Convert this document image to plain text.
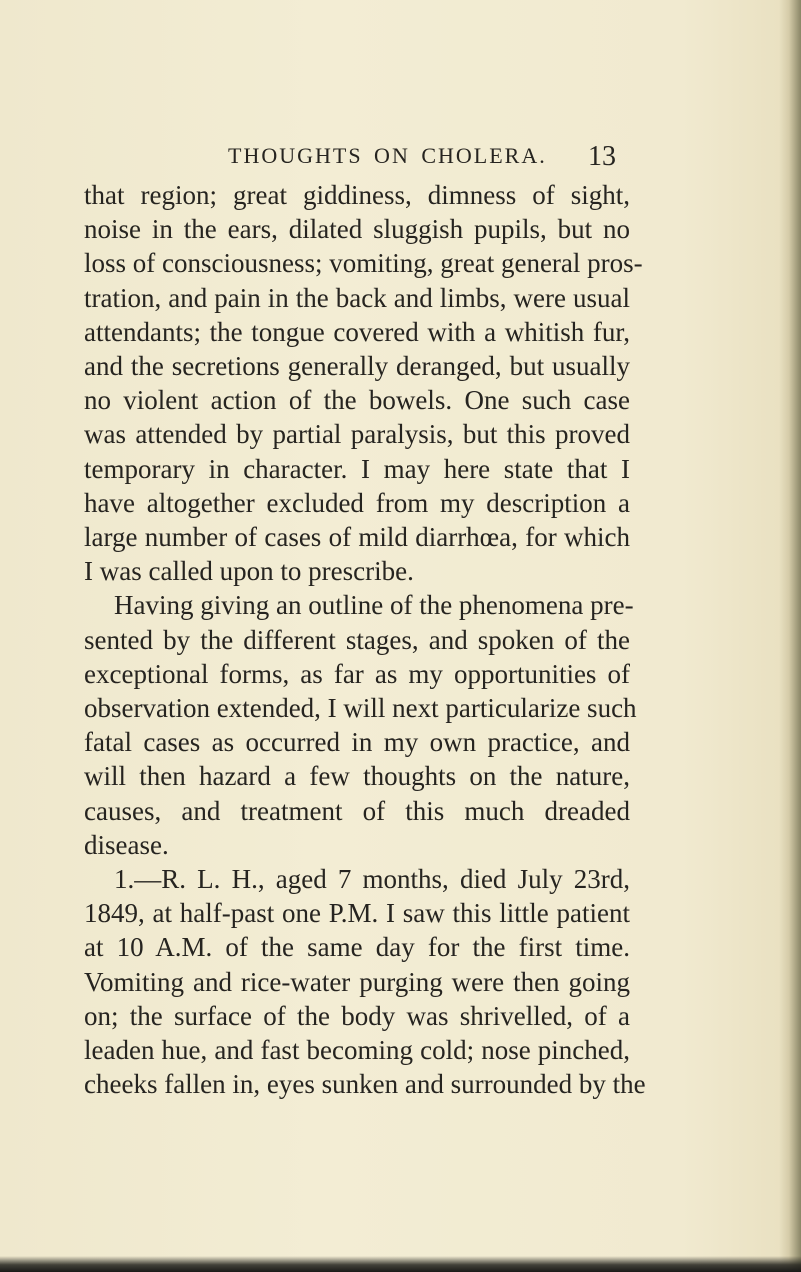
THOUGHTS ON CHOLERA. 13
that region; great giddiness, dimness of sight,
noise in the ears, dilated sluggish pupils, but no
loss of consciousness; vomiting, great general pros-
tration, and pain in the back and limbs, were usual
attendants; the tongue covered with a whitish fur,
and the secretions generally deranged, but usually
no violent action of the bowels. One such case
was attended by partial paralysis, but this proved
temporary in character. I may here state that I
have altogether excluded from my description a
large number of cases of mild diarrhœa, for which
I was called upon to prescribe.
Having giving an outline of the phenomena pre-
sented by the different stages, and spoken of the
exceptional forms, as far as my opportunities of
observation extended, I will next particularize such
fatal cases as occurred in my own practice, and
will then hazard a few thoughts on the nature,
causes, and treatment of this much dreaded
disease.
1.—R. L. H., aged 7 months, died July 23rd,
1849, at half-past one P.M. I saw this little patient
at 10 A.M. of the same day for the first time.
Vomiting and rice-water purging were then going
on; the surface of the body was shrivelled, of a
leaden hue, and fast becoming cold; nose pinched,
cheeks fallen in, eyes sunken and surrounded by the
